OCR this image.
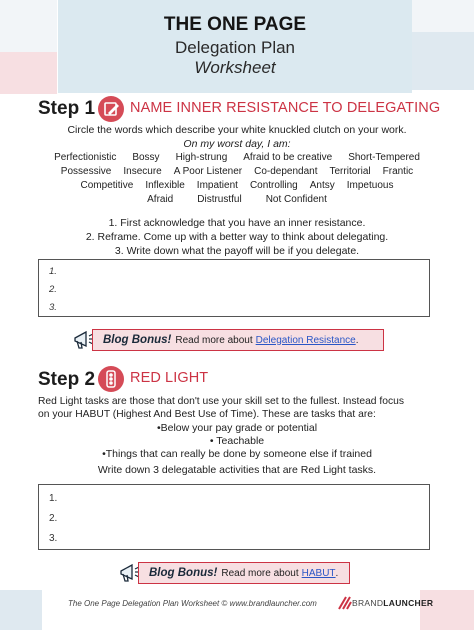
THE ONE PAGE
Delegation Plan
Worksheet
Step 1 NAME INNER RESISTANCE TO DELEGATING
Circle the words which describe your white knuckled clutch on your work.
On my worst day, I am:
Perfectionistic	Bossy	High-strung	Afraid to be creative	Short-Tempered
Possessive	Insecure	A Poor Listener	Co-dependant	Territorial	Frantic
Competitive	Inflexible	Impatient	Controlling	Antsy	Impetuous
Afraid	Distrustful	Not Confident
1. First acknowledge that you have an inner resistance.
2. Reframe. Come up with a better way to think about delegating.
3. Write down what the payoff will be if you delegate.
1.
2.
3.
Blog Bonus! Read more about Delegation Resistance .
Step 2 RED LIGHT
Red Light tasks are those that don't use your skill set to the fullest. Instead focus
on your HABUT (Highest And Best Use of Time). These are tasks that are:
•Below your pay grade or potential
• Teachable
•Things that can really be done by someone else if trained
Write down 3 delegatable activities that are Red Light tasks.
1.
2.
3.
Blog Bonus! Read more about HABUT .
The One Page Delegation Plan Worksheet © www.brandlauncher.com	BRANDLAUNCHER
